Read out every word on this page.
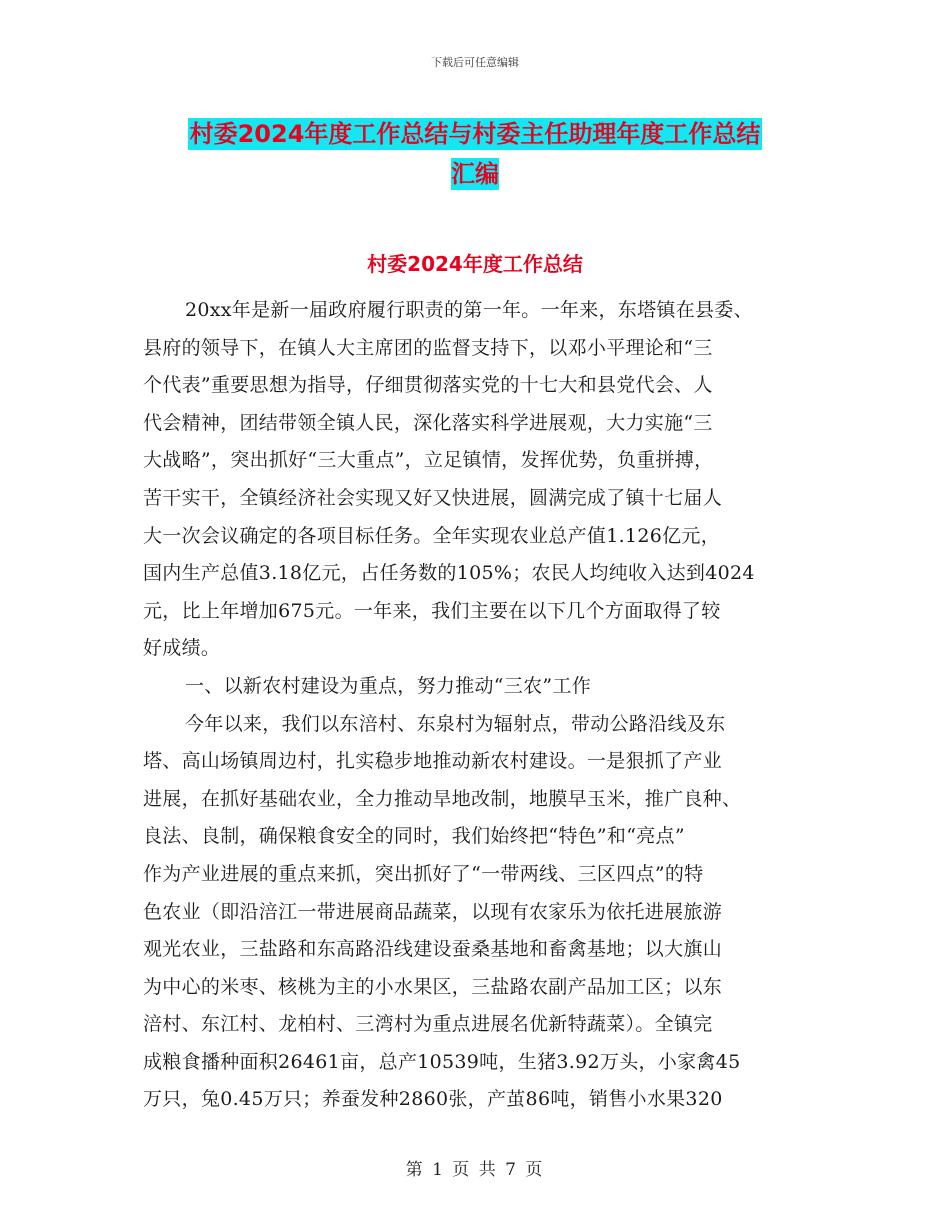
下载后可任意编辑
村委2024年度工作总结与村委主任助理年度工作总结
汇编
村委2024年度工作总结
20xx年是新一届政府履行职责的第一年。一年来，东塔镇在县委、
县府的领导下，在镇人大主席团的监督支持下，以邓小平理论和“三
个代表”重要思想为指导，仔细贯彻落实党的十七大和县党代会、人
代会精神，团结带领全镇人民，深化落实科学进展观，大力实施“三
大战略”，突出抓好“三大重点”，立足镇情，发挥优势，负重拼搏，
苦干实干，全镇经济社会实现又好又快进展，圆满完成了镇十七届人
大一次会议确定的各项目标任务。全年实现农业总产值1.126亿元，
国内生产总值3.18亿元，占任务数的105%；农民人均纯收入达到4024
元，比上年增加675元。一年来，我们主要在以下几个方面取得了较
好成绩。
一、以新农村建设为重点，努力推动“三农”工作
今年以来，我们以东涪村、东泉村为辐射点，带动公路沿线及东
塔、高山场镇周边村，扎实稳步地推动新农村建设。一是狠抓了产业
进展，在抓好基础农业，全力推动旱地改制，地膜早玉米，推广良种、
良法、良制，确保粮食安全的同时，我们始终把“特色”和“亮点”
作为产业进展的重点来抓，突出抓好了“一带两线、三区四点”的特
色农业（即沿涪江一带进展商品蔬菜，以现有农家乐为依托进展旅游
观光农业，三盐路和东高路沿线建设蚕桑基地和畜禽基地；以大旗山
为中心的米枣、核桃为主的小水果区，三盐路农副产品加工区；以东
涪村、东江村、龙柏村、三湾村为重点进展名优新特蔬菜）。全镇完
成粮食播种面积26461亩，总产10539吨，生猪3.92万头，小家禽45
万只，兔0.45万只；养蚕发种2860张，产茧86吨，销售小水果320
第 1 页 共 7 页
